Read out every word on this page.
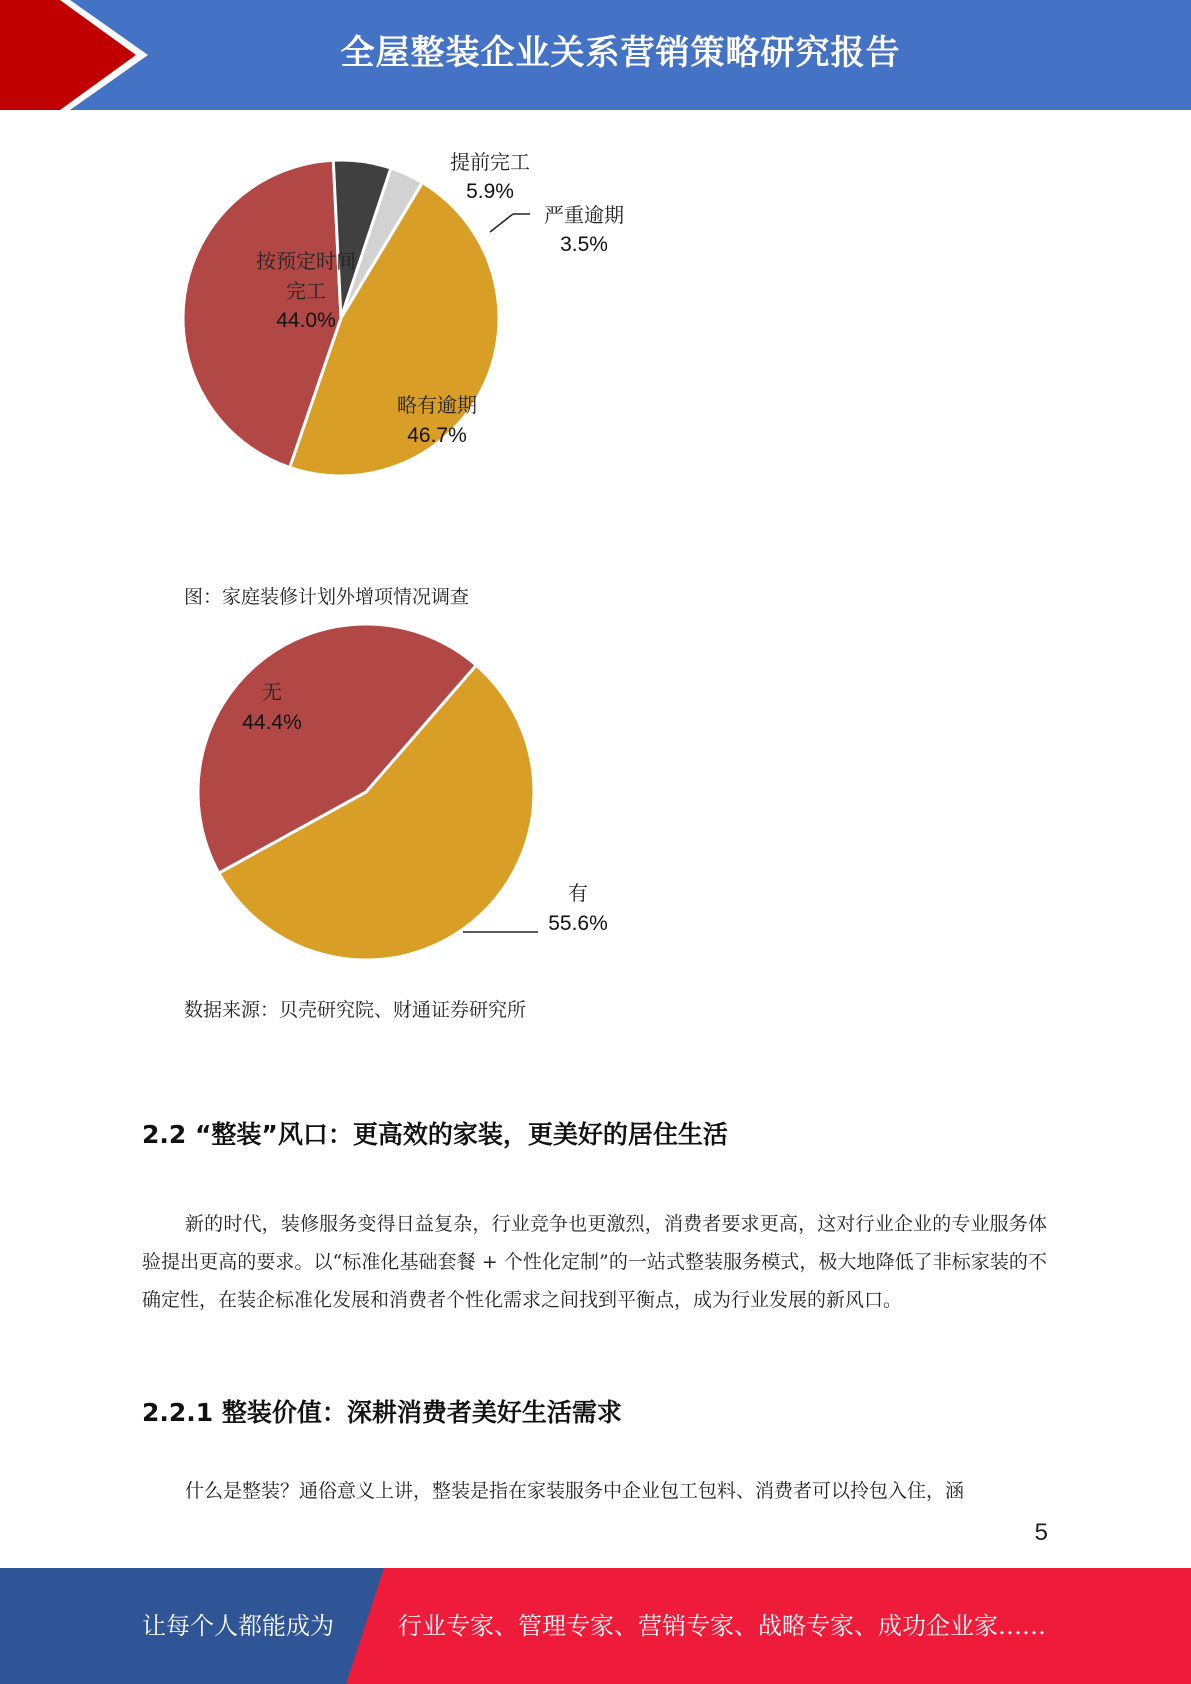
全屋整装企业关系营销策略研究报告
按预定时间
完工
44.0%
略有逾期
46.7%
提前完工
5.9%
严重逾期
3.5%
图：家庭装修计划外增项情况调查
无
44.4%
有
55.6%
数据来源：贝壳研究院、财通证券研究所
2.2 “整装”风口：更高效的家装，更美好的居住生活
新的时代，装修服务变得日益复杂，行业竞争也更激烈，消费者要求更高，这对行业企业的专业服务体验提出更高的要求。以“标准化基础套餐 + 个性化定制”的一站式整装服务模式，极大地降低了非标家装的不确定性，在装企标准化发展和消费者个性化需求之间找到平衡点，成为行业发展的新风口。
2.2.1 整装价值：深耕消费者美好生活需求
什么是整装？通俗意义上讲，整装是指在家装服务中企业包工包料、消费者可以拎包入住，涵
5
让每个人都能成为	行业专家、管理专家、营销专家、战略专家、成功企业家……
